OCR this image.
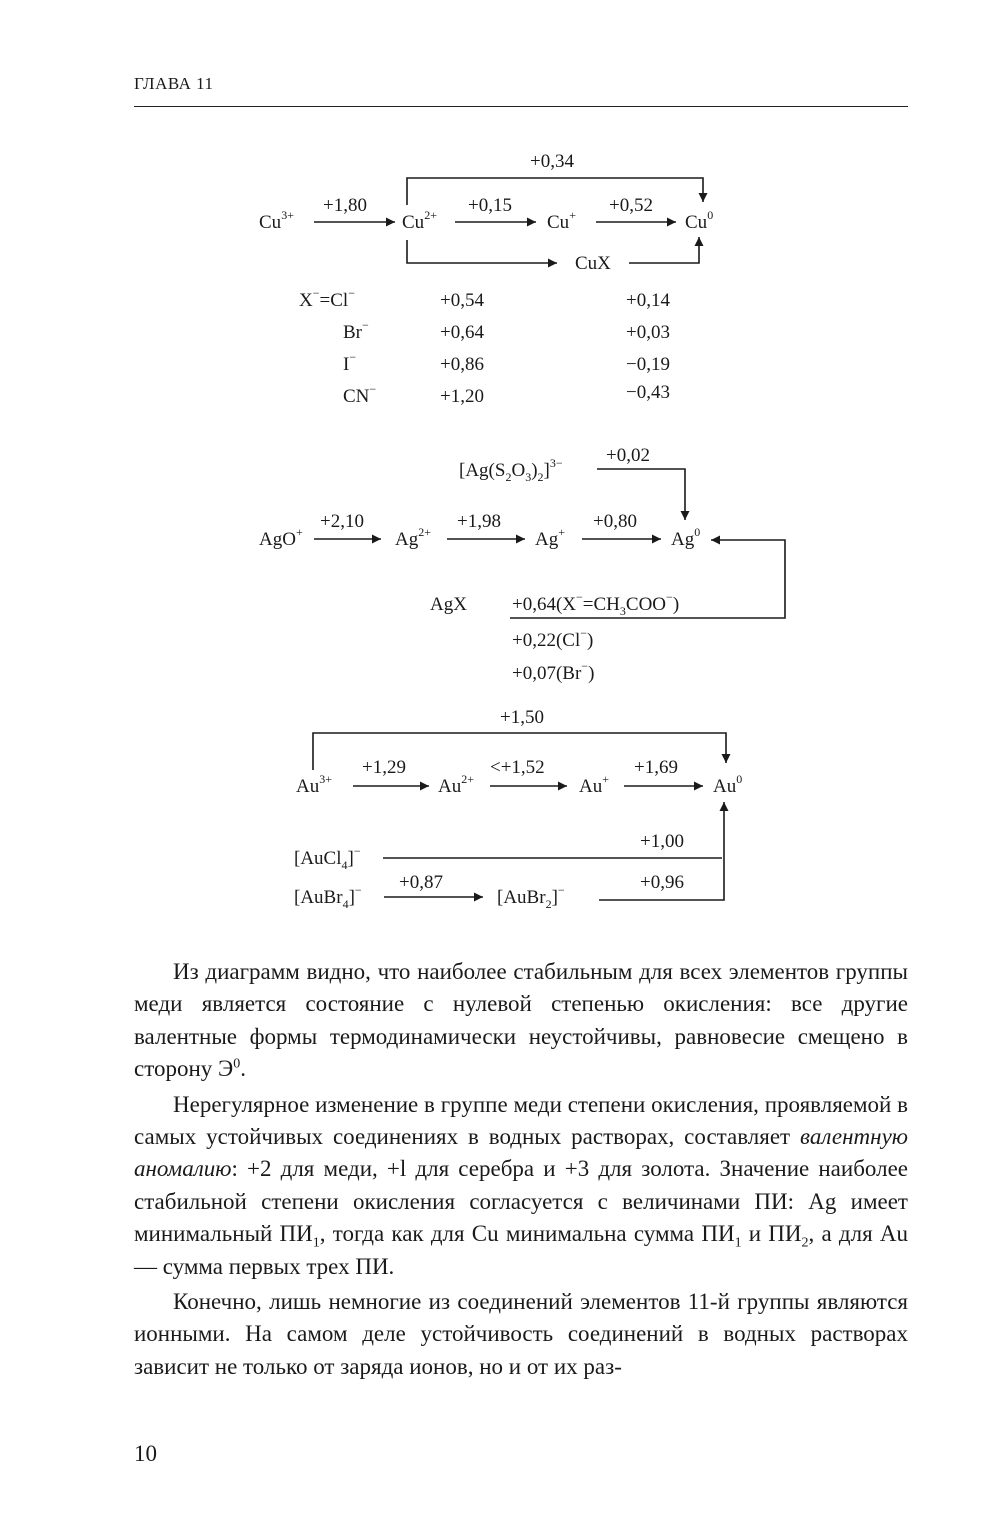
ГЛАВА 11
$Cu^{3+}$	$Cu^{2+}$	Cu+	Cu$^0$
CuX
+1,80	+0,15	+0,52
+0,34
X−=Cl−	+0,54	+0,14
Br−	+0,64	+0,03
I−	+0,86	−0,19
CN−	+1,20	−0,43
$[Ag(S_2O_3)_2]^{3-} +0,02$
AgO+	$Ag^{2+}$	Ag+	$Ag^0$
+2,10	+1,98	+0,80
AgX $+0,64(X^-=CH_3COO^-)$
+0,22(Cl−)
+0,07(Br−)
+1,50
$Au^{3+}$	$Au^{2+}$	Au+	$Au^0$
+1,29	<+1,52	+1,69
[AuCl$_4$]−	+1,00
[AuBr$_4$]− +0,87
[AuBr$_2$]−	+0,96

Из диаграмм видно, что наиболее стабильным для всех элементов группы меди является состояние с нулевой степенью окисления: все другие валентные формы термодинамически неустойчивы, равновесие смещено в сторону $Э^0$.

Нерегулярное изменение в группе меди степени окисления, проявляемой в самых устойчивых соединениях в водных растворах, составляет валентную аномалию: +2 для меди, +l для серебра и +3 для золота. Значение наиболее стабильной степени окисления согласуется с величинами ПИ: Ag имеет минимальный $ПИ_1$, тогда как для Cu минимальна сумма $ПИ_1$ и $ПИ_2$, а для Au — сумма первых трех ПИ.

Конечно, лишь немногие из соединений элементов 11-й группы являются ионными. На самом деле устойчивость соединений в водных растворах зависит не только от заряда ионов, но и от их раз-

10
